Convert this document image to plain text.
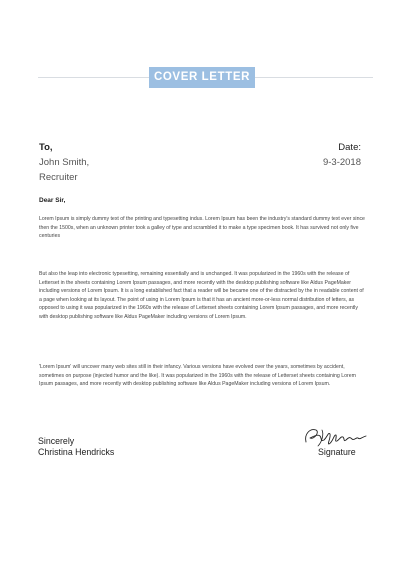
COVER LETTER
To,
John Smith,
Recruiter
Date:
9-3-2018
Dear Sir,

Lorem Ipsum is simply dummy text of the printing and typesetting indus. Lorem Ipsum has been the industry's standard dummy text ever since then the 1500s, when an unknown printer took a galley of type and scrambled it to make a type specimen book. It has survived not only five centuries

But also the leap into electronic typesetting, remaining essentially and is unchanged. It was popularized in the 1960s with the release of Letterset in the sheets containing Lorem Ipsum passages, and more recently with the desktop publishing software like Aldus PageMaker including versions of Lorem Ipsum. It is a long established fact that a reader will be became one of the distracted by the in readable content of a page when looking at its layout. The point of using in Lorem Ipsum is that it has an ancient more-or-less normal distribution of letters, as opposed to using it was popularized in the 1960s with the release of Letterset sheets containing Lorem Ipsum passages, and more recently with desktop publishing software like Aldus PageMaker including versions of Lorem Ipsum.

'Lorem Ipsum' will uncover many web sites still in their infancy. Various versions have evolved over the years, sometimes by accident, sometimes on purpose (injected humor and the like). It was popularized in the 1960s with the release of Letterset sheets containing Lorem Ipsum passages, and more recently with desktop publishing software like Aldus PageMaker including versions of Lorem Ipsum.

Sincerely
Christina Hendricks	Signature
